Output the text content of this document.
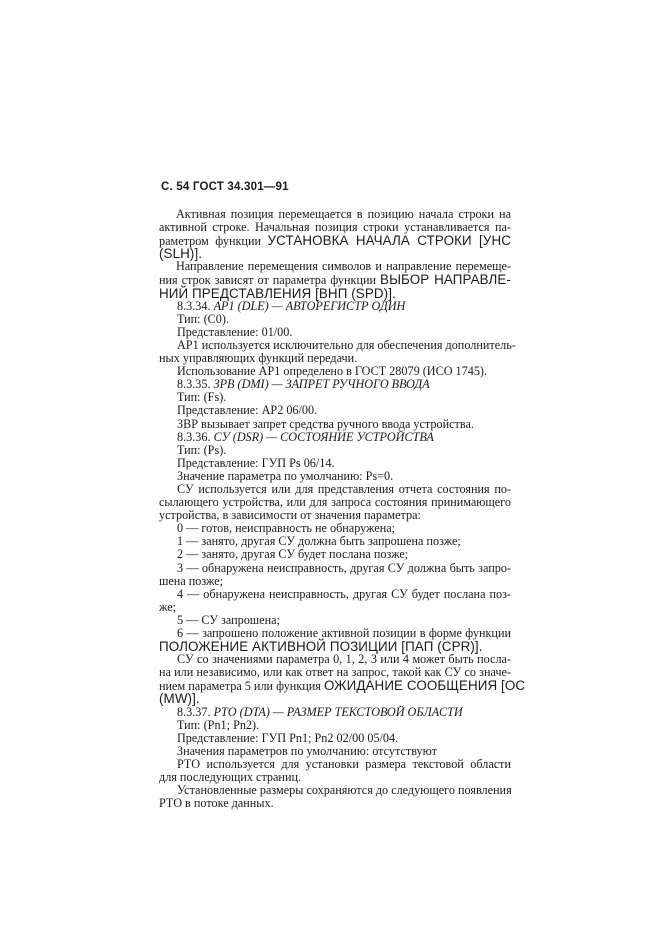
С. 54 ГОСТ 34.301—91
Активная позиция перемещается в позицию начала строки на
активной строке. Начальная позиция строки устанавливается па-
раметром функции УСТАНОВКА НАЧАЛА СТРОКИ [УНС
(SLH)].
Направление перемещения символов и направление перемеще-
ния строк зависят от параметра функции ВЫБОР НАПРАВЛЕ-
НИЙ ПРЕДСТАВЛЕНИЯ [ВНП (SPD)].
8.3.34. АР1 (DLE) — АВТОРЕГИСТР ОДИН
Тип: (C0).
Представление: 01/00.
АР1 используется исключительно для обеспечения дополнитель-
ных управляющих функций передачи.
Использование АР1 определено в ГОСТ 28079 (ИСО 1745).
8.3.35. ЗРВ (DMI) — ЗАПРЕТ РУЧНОГО ВВОДА
Тип: (Fs).
Представление: АР2 06/00.
ЗВР вызывает запрет средства ручного ввода устройства.
8.3.36. СУ (DSR) — СОСТОЯНИЕ УСТРОЙСТВА
Тип: (Ps).
Представление: ГУП Ps 06/14.
Значение параметра по умолчанию: Ps=0.
СУ используется или для представления отчета состояния по-
сылающего устройства, или для запроса состояния принимающего
устройства, в зависимости от значения параметра:
0 — готов, неисправность не обнаружена;
1 — занято, другая СУ должна быть запрошена позже;
2 — занято, другая СУ будет послана позже;
3 — обнаружена неисправность, другая СУ должна быть запро-
шена позже;
4 — обнаружена неисправность, другая СУ будет послана поз-
же;
5 — СУ запрошена;
6 — запрошено положение активной позиции в форме функции
ПОЛОЖЕНИЕ АКТИВНОЙ ПОЗИЦИИ [ПАП (CPR)].
СУ со значениями параметра 0, 1, 2, 3 или 4 может быть посла-
на или независимо, или как ответ на запрос, такой как СУ со значе-
нием параметра 5 или функция ОЖИДАНИЕ СООБЩЕНИЯ [ОС
(MW)].
8.3.37. РТО (DTA) — РАЗМЕР ТЕКСТОВОЙ ОБЛАСТИ
Тип: (Pn1; Pn2).
Представление: ГУП Pn1; Pn2 02/00 05/04.
Значения параметров по умолчанию: отсутствуют
РТО используется для установки размера текстовой области
для последующих страниц.
Установленные размеры сохраняются до следующего появления
РТО в потоке данных.
